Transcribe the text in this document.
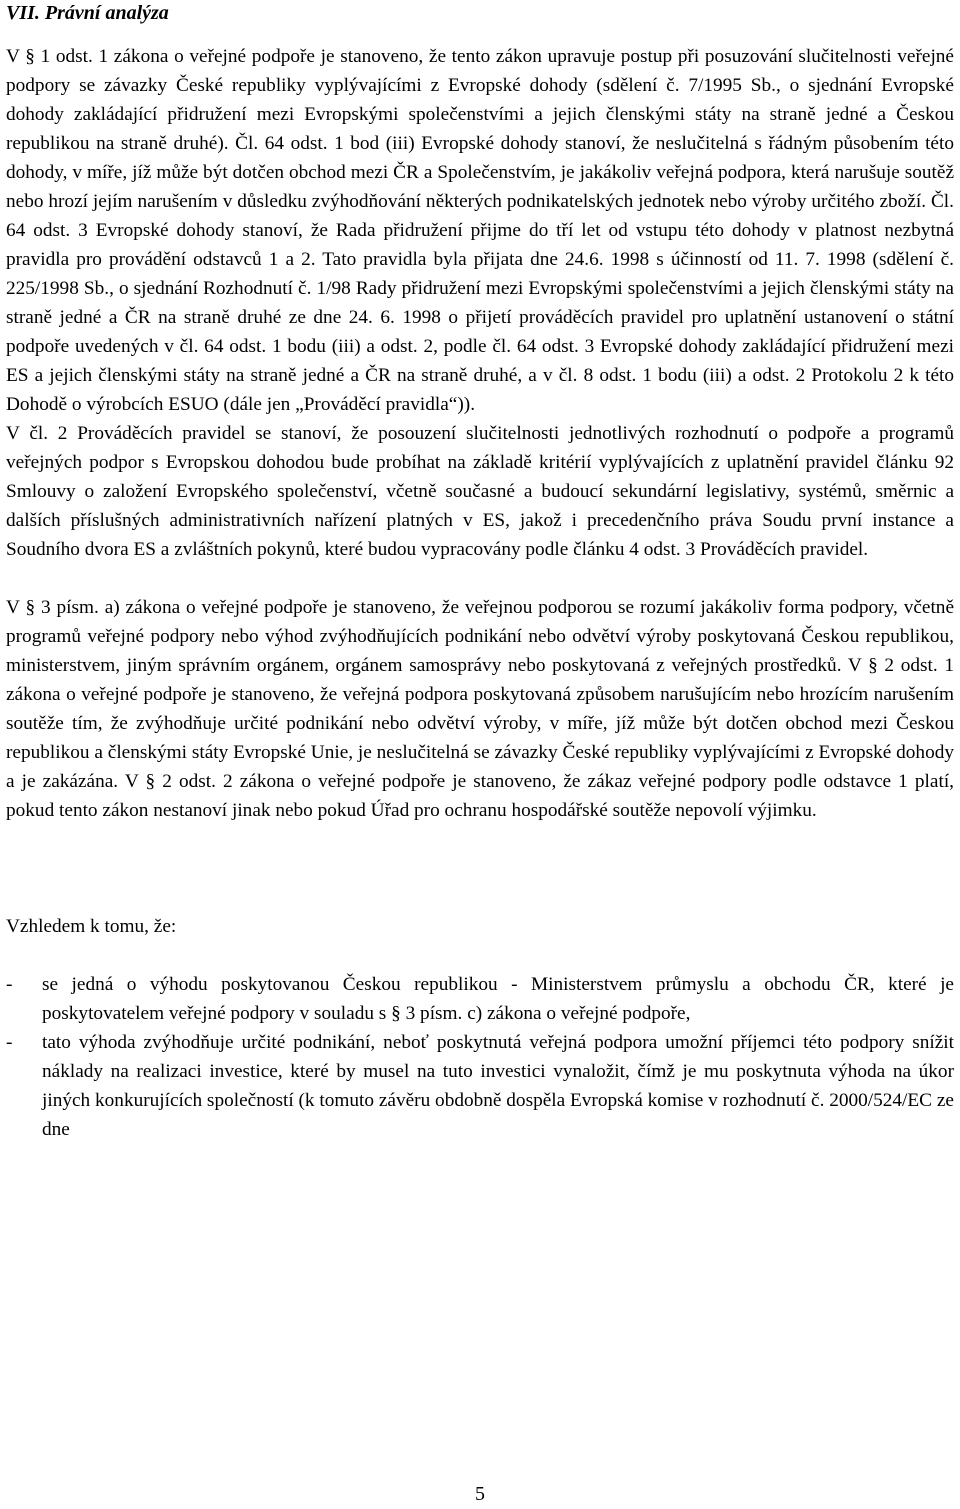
VII. Právní analýza

V § 1 odst. 1 zákona o veřejné podpoře je stanoveno, že tento zákon upravuje postup při posuzování slučitelnosti veřejné podpory se závazky České republiky vyplývajícími z Evropské dohody (sdělení č. 7/1995 Sb., o sjednání Evropské dohody zakládající přidružení mezi Evropskými společenstvími a jejich členskými státy na straně jedné a Českou republikou na straně druhé). Čl. 64 odst. 1 bod (iii) Evropské dohody stanoví, že neslučitelná s řádným působením této dohody, v míře, jíž může být dotčen obchod mezi ČR a Společenstvím, je jakákoliv veřejná podpora, která narušuje soutěž nebo hrozí jejím narušením v důsledku zvýhodňování některých podnikatelských jednotek nebo výroby určitého zboží. Čl. 64 odst. 3 Evropské dohody stanoví, že Rada přidružení přijme do tří let od vstupu této dohody v platnost nezbytná pravidla pro provádění odstavců 1 a 2. Tato pravidla byla přijata dne 24.6. 1998 s účinností od 11. 7. 1998 (sdělení č. 225/1998 Sb., o sjednání Rozhodnutí č. 1/98 Rady přidružení mezi Evropskými společenstvími a jejich členskými státy na straně jedné a ČR na straně druhé ze dne 24. 6. 1998 o přijetí prováděcích pravidel pro uplatnění ustanovení o státní podpoře uvedených v čl. 64 odst. 1 bodu (iii) a odst. 2, podle čl. 64 odst. 3 Evropské dohody zakládající přidružení mezi ES a jejich členskými státy na straně jedné a ČR na straně druhé, a v čl. 8 odst. 1 bodu (iii) a odst. 2 Protokolu 2 k této Dohodě o výrobcích ESUO (dále jen „Prováděcí pravidla“)).

V čl. 2 Prováděcích pravidel se stanoví, že posouzení slučitelnosti jednotlivých rozhodnutí o podpoře a programů veřejných podpor s Evropskou dohodou bude probíhat na základě kritérií vyplývajících z uplatnění pravidel článku 92 Smlouvy o založení Evropského společenství, včetně současné a budoucí sekundární legislativy, systémů, směrnic a dalších příslušných administrativních nařízení platných v ES, jakož i precedenčního práva Soudu první instance a Soudního dvora ES a zvláštních pokynů, které budou vypracovány podle článku 4 odst. 3 Prováděcích pravidel.

V § 3 písm. a) zákona o veřejné podpoře je stanoveno, že veřejnou podporou se rozumí jakákoliv forma podpory, včetně programů veřejné podpory nebo výhod zvýhodňujících podnikání nebo odvětví výroby poskytovaná Českou republikou, ministerstvem, jiným správním orgánem, orgánem samosprávy nebo poskytovaná z veřejných prostředků. V § 2 odst. 1 zákona o veřejné podpoře je stanoveno, že veřejná podpora poskytovaná způsobem narušujícím nebo hrozícím narušením soutěže tím, že zvýhodňuje určité podnikání nebo odvětví výroby, v míře, jíž může být dotčen obchod mezi Českou republikou a členskými státy Evropské Unie, je neslučitelná se závazky České republiky vyplývajícími z Evropské dohody a je zakázána. V § 2 odst. 2 zákona o veřejné podpoře je stanoveno, že zákaz veřejné podpory podle odstavce 1 platí, pokud tento zákon nestanoví jinak nebo pokud Úřad pro ochranu hospodářské soutěže nepovolí výjimku.

Vzhledem k tomu, že:

- se jedná o výhodu poskytovanou Českou republikou - Ministerstvem průmyslu a obchodu ČR, které je poskytovatelem veřejné podpory v souladu s § 3 písm. c) zákona o veřejné podpoře,
- tato výhoda zvýhodňuje určité podnikání, neboť poskytnutá veřejná podpora umožní příjemci této podpory snížit náklady na realizaci investice, které by musel na tuto investici vynaložit, čímž je mu poskytnuta výhoda na úkor jiných konkurujících společností (k tomuto závěru obdobně dospěla Evropská komise v rozhodnutí č. 2000/524/EC ze dne
5
